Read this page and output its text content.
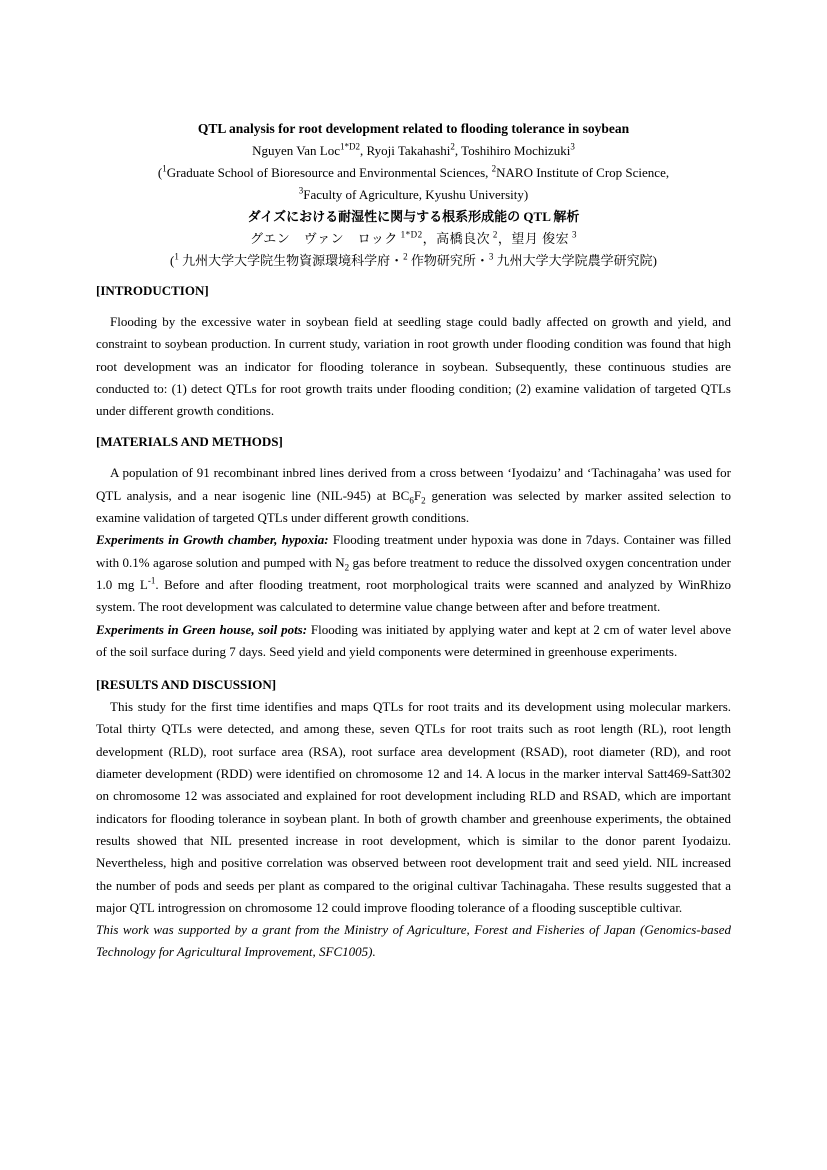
QTL analysis for root development related to flooding tolerance in soybean
Nguyen Van Loc$^{1*D2}$, Ryoji Takahashi$^2$, Toshihiro Mochizuki$^3$
($^1$Graduate School of Bioresource and Environmental Sciences, $^2$NARO Institute of Crop Science,
$^3$Faculty of Agriculture, Kyushu University)
ダイズにおける耐湿性に関与する根系形成能の QTL 解析
グエン　ヴァン　ロック $^{1*D2}$，高橋良次 $^2$，望月 俊宏 $^3$
($^1$ 九州大学大学院生物資源環境科学府・$^2$ 作物研究所・$^3$ 九州大学大学院農学研究院)
[INTRODUCTION]

Flooding by the excessive water in soybean field at seedling stage could badly affected on growth and yield, and constraint to soybean production. In current study, variation in root growth under flooding condition was found that high root development was an indicator for flooding tolerance in soybean. Subsequently, these continuous studies are conducted to: (1) detect QTLs for root growth traits under flooding condition; (2) examine validation of targeted QTLs under different growth conditions.

[MATERIALS AND METHODS]

A population of 91 recombinant inbred lines derived from a cross between ‘Iyodaizu’ and ‘Tachinagaha’ was used for QTL analysis, and a near isogenic line (NIL-945) at $BC_6F_2$ generation was selected by marker assited selection to examine validation of targeted QTLs under different growth conditions.

Experiments in Growth chamber, hypoxia: Flooding treatment under hypoxia was done in 7days. Container was filled with 0.1% agarose solution and pumped with $N_2$ gas before treatment to reduce the dissolved oxygen concentration under 1.0 mg $L^{-1}$. Before and after flooding treatment, root morphological traits were scanned and analyzed by WinRhizo system. The root development was calculated to determine value change between after and before treatment.

Experiments in Green house, soil pots: Flooding was initiated by applying water and kept at 2 cm of water level above of the soil surface during 7 days. Seed yield and yield components were determined in greenhouse experiments.

[RESULTS AND DISCUSSION]

This study for the first time identifies and maps QTLs for root traits and its development using molecular markers. Total thirty QTLs were detected, and among these, seven QTLs for root traits such as root length (RL), root length development (RLD), root surface area (RSA), root surface area development (RSAD), root diameter (RD), and root diameter development (RDD) were identified on chromosome 12 and 14. A locus in the marker interval Satt469-Satt302 on chromosome 12 was associated and explained for root development including RLD and RSAD, which are important indicators for flooding tolerance in soybean plant. In both of growth chamber and greenhouse experiments, the obtained results showed that NIL presented increase in root development, which is similar to the donor parent Iyodaizu. Nevertheless, high and positive correlation was observed between root development trait and seed yield. NIL increased the number of pods and seeds per plant as compared to the original cultivar Tachinagaha. These results suggested that a major QTL introgression on chromosome 12 could improve flooding tolerance of a flooding susceptible cultivar.

This work was supported by a grant from the Ministry of Agriculture, Forest and Fisheries of Japan (Genomics-based Technology for Agricultural Improvement, SFC1005).
